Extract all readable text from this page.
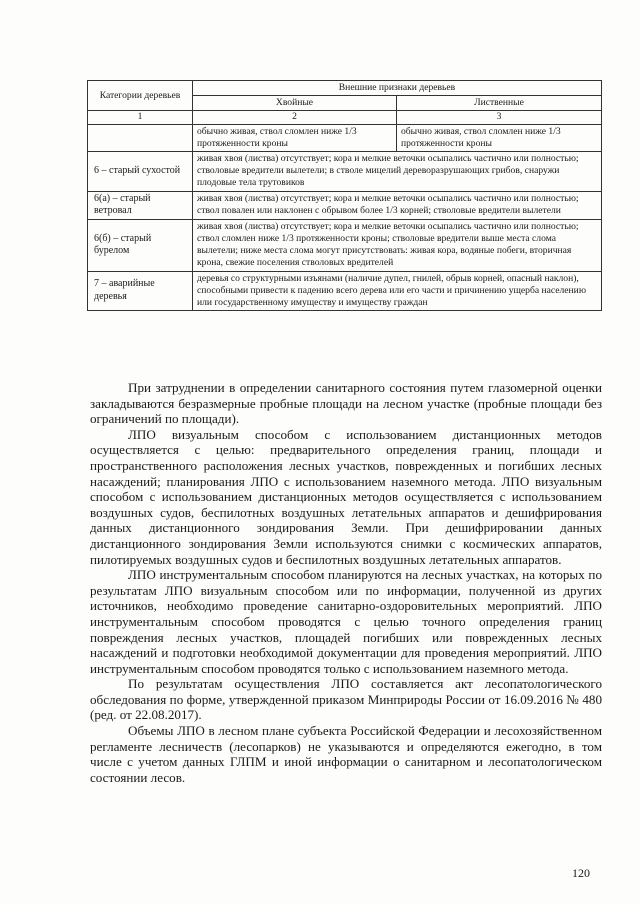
Категории деревьев	Внешние признаки деревьев	
	Хвойные	Лиственные
1	2	3
	обычно живая, ствол сломлен ниже 1/3 протяженности кроны	обычно живая, ствол сломлен ниже 1/3 протяженности кроны
6 – старый сухостой	живая хвоя (листва) отсутствует; кора и мелкие веточки осыпались частично или полностью; стволовые вредители вылетели; в стволе мицелий дереворазрушающих грибов, снаружи плодовые тела трутовиков	
6(а) – старый ветровал	живая хвоя (листва) отсутствует; кора и мелкие веточки осыпались частично или полностью; ствол повален или наклонен с обрывом более 1/3 корней; стволовые вредители вылетели	
6(б) – старый бурелом	живая хвоя (листва) отсутствует; кора и мелкие веточки осыпались частично или полностью; ствол сломлен ниже 1/3 протяженности кроны; стволовые вредители выше места слома вылетели; ниже места слома могут присутствовать: живая кора, водяные побеги, вторичная крона, свежие поселения стволовых вредителей	
7 – аварийные деревья	деревья со структурными изъянами (наличие дупел, гнилей, обрыв корней, опасный наклон), способными привести к падению всего дерева или его части и причинению ущерба населению или государственному имуществу и имуществу граждан	

При затруднении в определении санитарного состояния путем глазомерной оценки закладываются безразмерные пробные площади на лесном участке (пробные площади без ограничений по площади).

ЛПО визуальным способом с использованием дистанционных методов осуществляется с целью: предварительного определения границ, площади и пространственного расположения лесных участков, поврежденных и погибших лесных насаждений; планирования ЛПО с использованием наземного метода. ЛПО визуальным способом с использованием дистанционных методов осуществляется с использованием воздушных судов, беспилотных воздушных летательных аппаратов и дешифрирования данных дистанционного зондирования Земли. При дешифрировании данных дистанционного зондирования Земли используются снимки с космических аппаратов, пилотируемых воздушных судов и беспилотных воздушных летательных аппаратов.

ЛПО инструментальным способом планируются на лесных участках, на которых по результатам ЛПО визуальным способом или по информации, полученной из других источников, необходимо проведение санитарно-оздоровительных мероприятий. ЛПО инструментальным способом проводятся с целью точного определения границ повреждения лесных участков, площадей погибших или поврежденных лесных насаждений и подготовки необходимой документации для проведения мероприятий. ЛПО инструментальным способом проводятся только с использованием наземного метода.

По результатам осуществления ЛПО составляется акт лесопатологического обследования по форме, утвержденной приказом Минприроды России от 16.09.2016 № 480 (ред. от 22.08.2017).

Объемы ЛПО в лесном плане субъекта Российской Федерации и лесохозяйственном регламенте лесничеств (лесопарков) не указываются и определяются ежегодно, в том числе с учетом данных ГЛПМ и иной информации о санитарном и лесопатологическом состоянии лесов.

120
